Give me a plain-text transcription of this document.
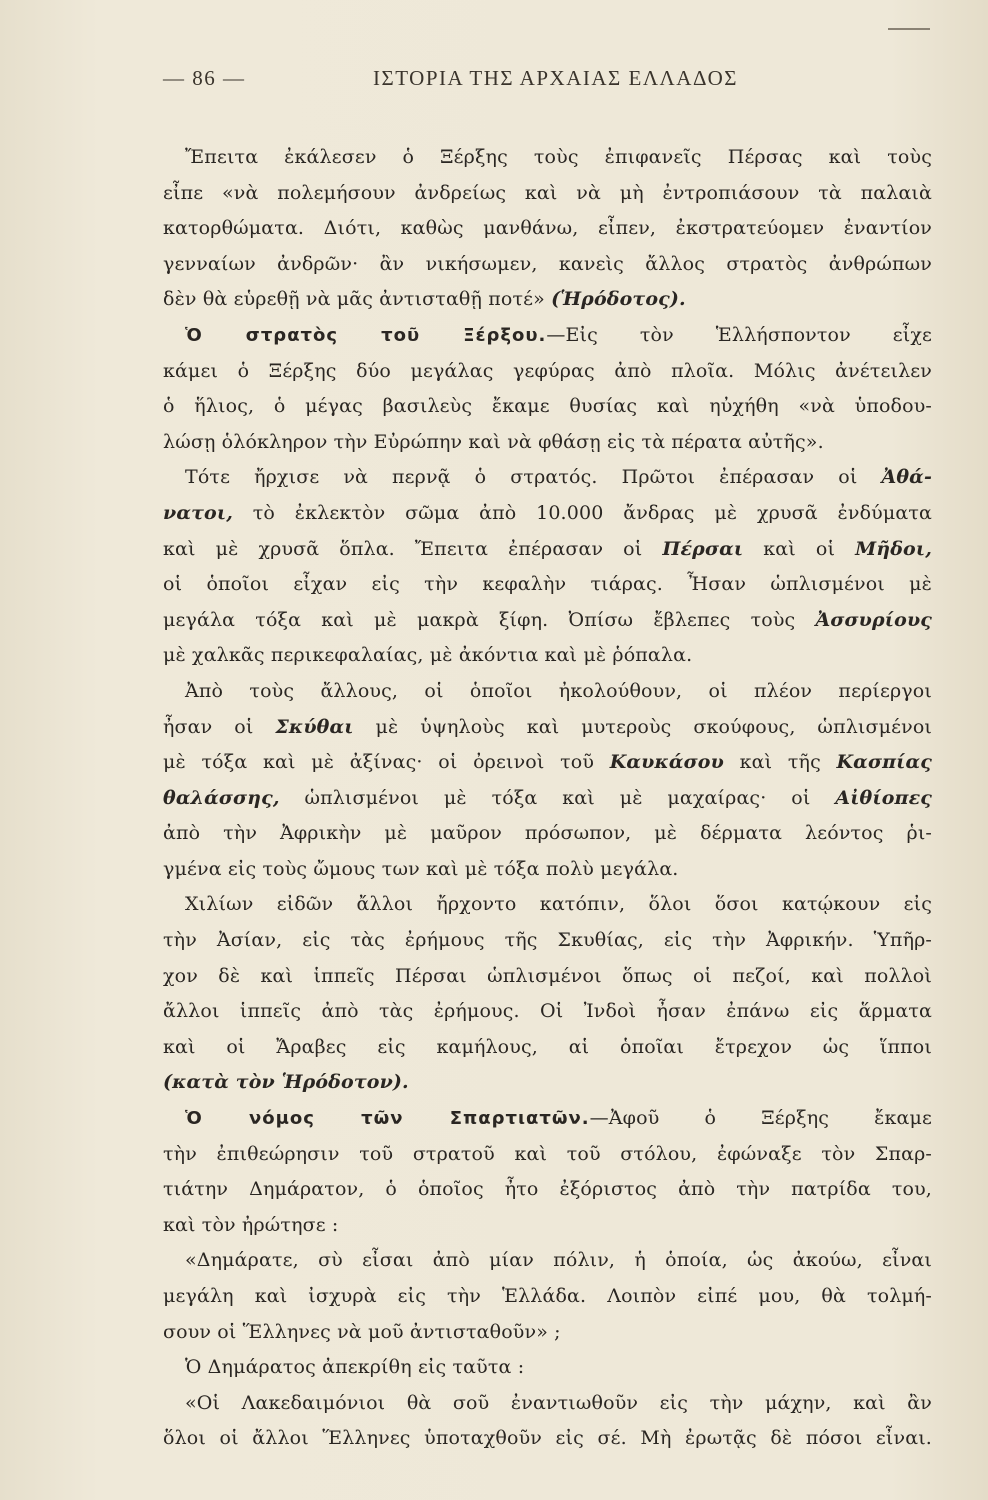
— 86 —	ΙΣΤΟΡΙΑ ΤΗΣ ΑΡΧΑΙΑΣ ΕΛΛΑΔΟΣ
Ἔπειτα ἐκάλεσεν ὁ Ξέρξης τοὺς ἐπιφανεῖς Πέρσας καὶ τοὺς
εἶπε «νὰ πολεμήσουν ἀνδρείως καὶ νὰ μὴ ἐντροπιάσουν τὰ παλαιὰ
κατορθώματα. Διότι, καθὼς μανθάνω, εἶπεν, ἐκστρατεύομεν ἐναντίον
γενναίων ἀνδρῶν· ἂν νικήσωμεν, κανεὶς ἄλλος στρατὸς ἀνθρώπων
δὲν θὰ εὑρεθῇ νὰ μᾶς ἀντισταθῇ ποτέ» (Ἡρόδοτος).
Ὁ στρατὸς τοῦ Ξέρξου.—Εἰς τὸν Ἑλλήσποντον εἶχε
κάμει ὁ Ξέρξης δύο μεγάλας γεφύρας ἀπὸ πλοῖα. Μόλις ἀνέτειλεν
ὁ ἥλιος, ὁ μέγας βασιλεὺς ἔκαμε θυσίας καὶ ηὐχήθη «νὰ ὑποδου-
λώσῃ ὁλόκληρον τὴν Εὐρώπην καὶ νὰ φθάσῃ εἰς τὰ πέρατα αὐτῆς».
Τότε ἤρχισε νὰ περνᾷ ὁ στρατός. Πρῶτοι ἐπέρασαν οἱ Ἀθά-
νατοι, τὸ ἐκλεκτὸν σῶμα ἀπὸ 10.000 ἄνδρας μὲ χρυσᾶ ἐνδύματα
καὶ μὲ χρυσᾶ ὅπλα. Ἔπειτα ἐπέρασαν οἱ Πέρσαι καὶ οἱ Μῆδοι,
οἱ ὁποῖοι εἶχαν εἰς τὴν κεφαλὴν τιάρας. Ἦσαν ὡπλισμένοι μὲ
μεγάλα τόξα καὶ μὲ μακρὰ ξίφη. Ὀπίσω ἔβλεπες τοὺς Ἀσσυρίους
μὲ χαλκᾶς περικεφαλαίας, μὲ ἀκόντια καὶ μὲ ῥόπαλα.
Ἀπὸ τοὺς ἄλλους, οἱ ὁποῖοι ἠκολούθουν, οἱ πλέον περίεργοι
ἦσαν οἱ Σκύθαι μὲ ὑψηλοὺς καὶ μυτεροὺς σκούφους, ὡπλισμένοι
μὲ τόξα καὶ μὲ ἀξίνας· οἱ ὀρεινοὶ τοῦ Καυκάσου καὶ τῆς Κασπίας
θαλάσσης, ὡπλισμένοι μὲ τόξα καὶ μὲ μαχαίρας· οἱ Αἰθίοπες
ἀπὸ τὴν Ἀφρικὴν μὲ μαῦρον πρόσωπον, μὲ δέρματα λεόντος ῥι-
γμένα εἰς τοὺς ὤμους των καὶ μὲ τόξα πολὺ μεγάλα.
Χιλίων εἰδῶν ἄλλοι ἤρχοντο κατόπιν, ὅλοι ὅσοι κατῴκουν εἰς
τὴν Ἀσίαν, εἰς τὰς ἐρήμους τῆς Σκυθίας, εἰς τὴν Ἀφρικήν. Ὑπῆρ-
χον δὲ καὶ ἱππεῖς Πέρσαι ὡπλισμένοι ὅπως οἱ πεζοί, καὶ πολλοὶ
ἄλλοι ἱππεῖς ἀπὸ τὰς ἐρήμους. Οἱ Ἰνδοὶ ἦσαν ἐπάνω εἰς ἅρματα
καὶ οἱ Ἄραβες εἰς καμήλους, αἱ ὁποῖαι ἔτρεχον ὡς ἵπποι
(κατὰ τὸν Ἡρόδοτον).
Ὁ νόμος τῶν Σπαρτιατῶν.—Ἀφοῦ ὁ Ξέρξης ἔκαμε
τὴν ἐπιθεώρησιν τοῦ στρατοῦ καὶ τοῦ στόλου, ἐφώναξε τὸν Σπαρ-
τιάτην Δημάρατον, ὁ ὁποῖος ἦτο ἐξόριστος ἀπὸ τὴν πατρίδα του,
καὶ τὸν ἠρώτησε :
«Δημάρατε, σὺ εἶσαι ἀπὸ μίαν πόλιν, ἡ ὁποία, ὡς ἀκούω, εἶναι
μεγάλη καὶ ἰσχυρὰ εἰς τὴν Ἑλλάδα. Λοιπὸν εἰπέ μου, θὰ τολμή-
σουν οἱ Ἕλληνες νὰ μοῦ ἀντισταθοῦν» ;
Ὁ Δημάρατος ἀπεκρίθη εἰς ταῦτα :
«Οἱ Λακεδαιμόνιοι θὰ σοῦ ἐναντιωθοῦν εἰς τὴν μάχην, καὶ ἂν
ὅλοι οἱ ἄλλοι Ἕλληνες ὑποταχθοῦν εἰς σέ. Μὴ ἐρωτᾷς δὲ πόσοι εἶναι.
